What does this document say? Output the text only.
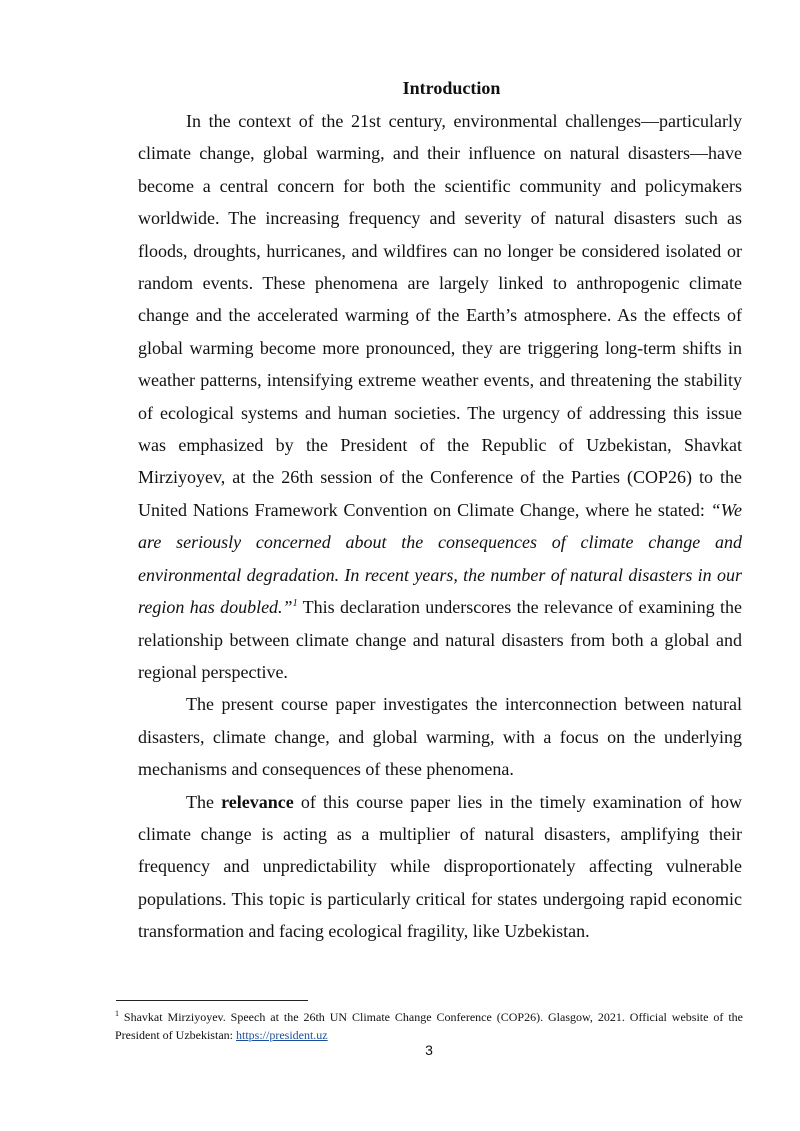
Introduction

In the context of the 21st century, environmental challenges—particularly climate change, global warming, and their influence on natural disasters—have become a central concern for both the scientific community and policymakers worldwide. The increasing frequency and severity of natural disasters such as floods, droughts, hurricanes, and wildfires can no longer be considered isolated or random events. These phenomena are largely linked to anthropogenic climate change and the accelerated warming of the Earth’s atmosphere. As the effects of global warming become more pronounced, they are triggering long-term shifts in weather patterns, intensifying extreme weather events, and threatening the stability of ecological systems and human societies. The urgency of addressing this issue was emphasized by the President of the Republic of Uzbekistan, Shavkat Mirziyoyev, at the 26th session of the Conference of the Parties (COP26) to the United Nations Framework Convention on Climate Change, where he stated: “We are seriously concerned about the consequences of climate change and environmental degradation. In recent years, the number of natural disasters in our region has doubled.”$^1$ This declaration underscores the relevance of examining the relationship between climate change and natural disasters from both a global and regional perspective.

The present course paper investigates the interconnection between natural disasters, climate change, and global warming, with a focus on the underlying mechanisms and consequences of these phenomena.

The relevance of this course paper lies in the timely examination of how climate change is acting as a multiplier of natural disasters, amplifying their frequency and unpredictability while disproportionately affecting vulnerable populations. This topic is particularly critical for states undergoing rapid economic transformation and facing ecological fragility, like Uzbekistan.

$^1$ Shavkat Mirziyoyev. Speech at the 26th UN Climate Change Conference (COP26). Glasgow, 2021. Official website of the President of Uzbekistan: https://president.uz

3
